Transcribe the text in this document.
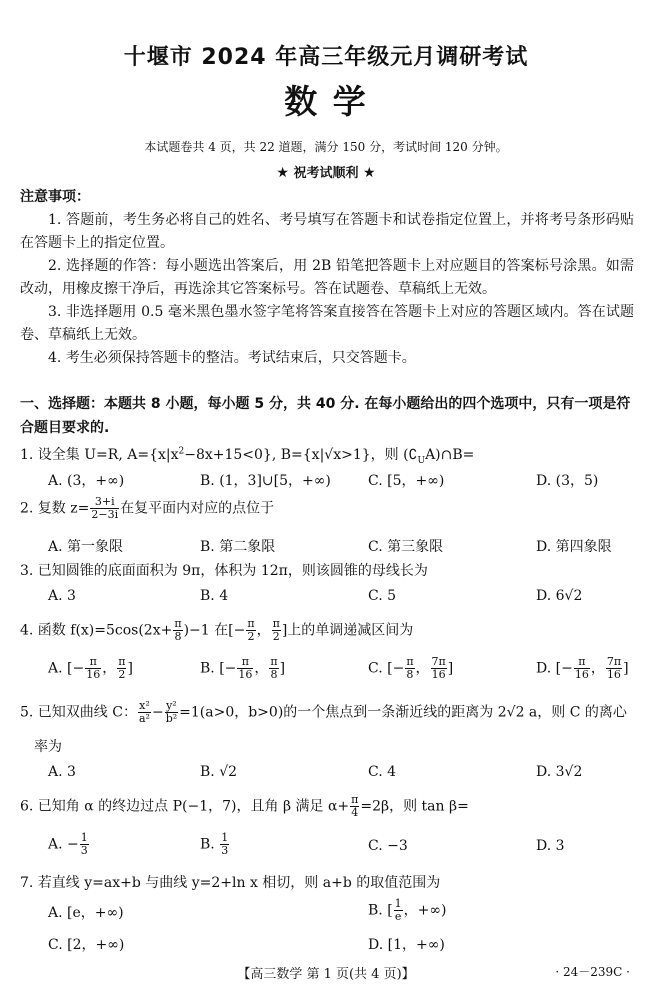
十堰市 2024 年高三年级元月调研考试
数 学
本试题卷共 4 页，共 22 道题，满分 150 分，考试时间 120 分钟。
★ 祝考试顺利 ★
注意事项：
1. 答题前，考生务必将自己的姓名、考号填写在答题卡和试卷指定位置上，并将考号条形码贴在答题卡上的指定位置。
2. 选择题的作答：每小题选出答案后，用 2B 铅笔把答题卡上对应题目的答案标号涂黑。如需改动，用橡皮擦干净后，再选涂其它答案标号。答在试题卷、草稿纸上无效。
3. 非选择题用 0.5 毫米黑色墨水签字笔将答案直接答在答题卡上对应的答题区域内。答在试题卷、草稿纸上无效。
4. 考生必须保持答题卡的整洁。考试结束后，只交答题卡。
一、选择题：本题共 8 小题，每小题 5 分，共 40 分. 在每小题给出的四个选项中，只有一项是符合题目要求的.
1. 设全集 U=R, $A=\{x|x^2-8x+15<0\}$, B={x|√x>1}，则 $(∁_UA)\cap B=$
A. (3，+∞)	B. (1，3]∪[5，+∞)	C. [5，+∞)	D. (3，5)
2. 复数 $z= \frac{3+i}{2-3i}$ 在复平面内对应的点位于
A. 第一象限	B. 第二象限	C. 第三象限	D. 第四象限
3. 已知圆锥的底面面积为 9π，体积为 12π，则该圆锥的母线长为
A. 3	B. 4	C. 5	D. 6√2
4. 函数 $f(x)=5\cos(2x+ \frac{\pi}{8} )-1$ 在[− $\frac{\pi}{2}$ ， $\frac{\pi}{2}$ ]上的单调递减区间为
A. [− $\frac{\pi}{16}$ ， $\frac{\pi}{2}$ ]	B. [− $\frac{\pi}{16}$ ， $\frac{\pi}{8}$ ]	C. [− $\frac{\pi}{8}$ ， $\frac{7\pi}{16}$ ]	D. [− $\frac{\pi}{16}$ ， $\frac{7\pi}{16}$ ]
5. 已知双曲线 C： $\frac{\text{x²}}{\text{a²}} - \frac{\text{y²}}{\text{b²}} =1(a>0$，b>0)的一个焦点到一条渐近线的距离为 2√2 a，则 C 的离心
率为
A. 3	B. √2	C. 4	D. 3√2
6. 已知角 α 的终边过点 P(−1，7)，且角 β 满足 $\alpha+ \frac{\pi}{4} =2\beta$，则 tan β=
A. − $\frac{1}{3}$	B. $\frac{1}{3}$	C. −3	D. 3
7. 若直线 y=ax+b 与曲线 y=2+ln x 相切，则 a+b 的取值范围为
A. [e，+∞)	B. [ $\frac{1}{e}$ ，+∞)
C. [2，+∞)	D. [1，+∞)
【高三数学 第 1 页(共 4 页)】	· 24－239C ·
